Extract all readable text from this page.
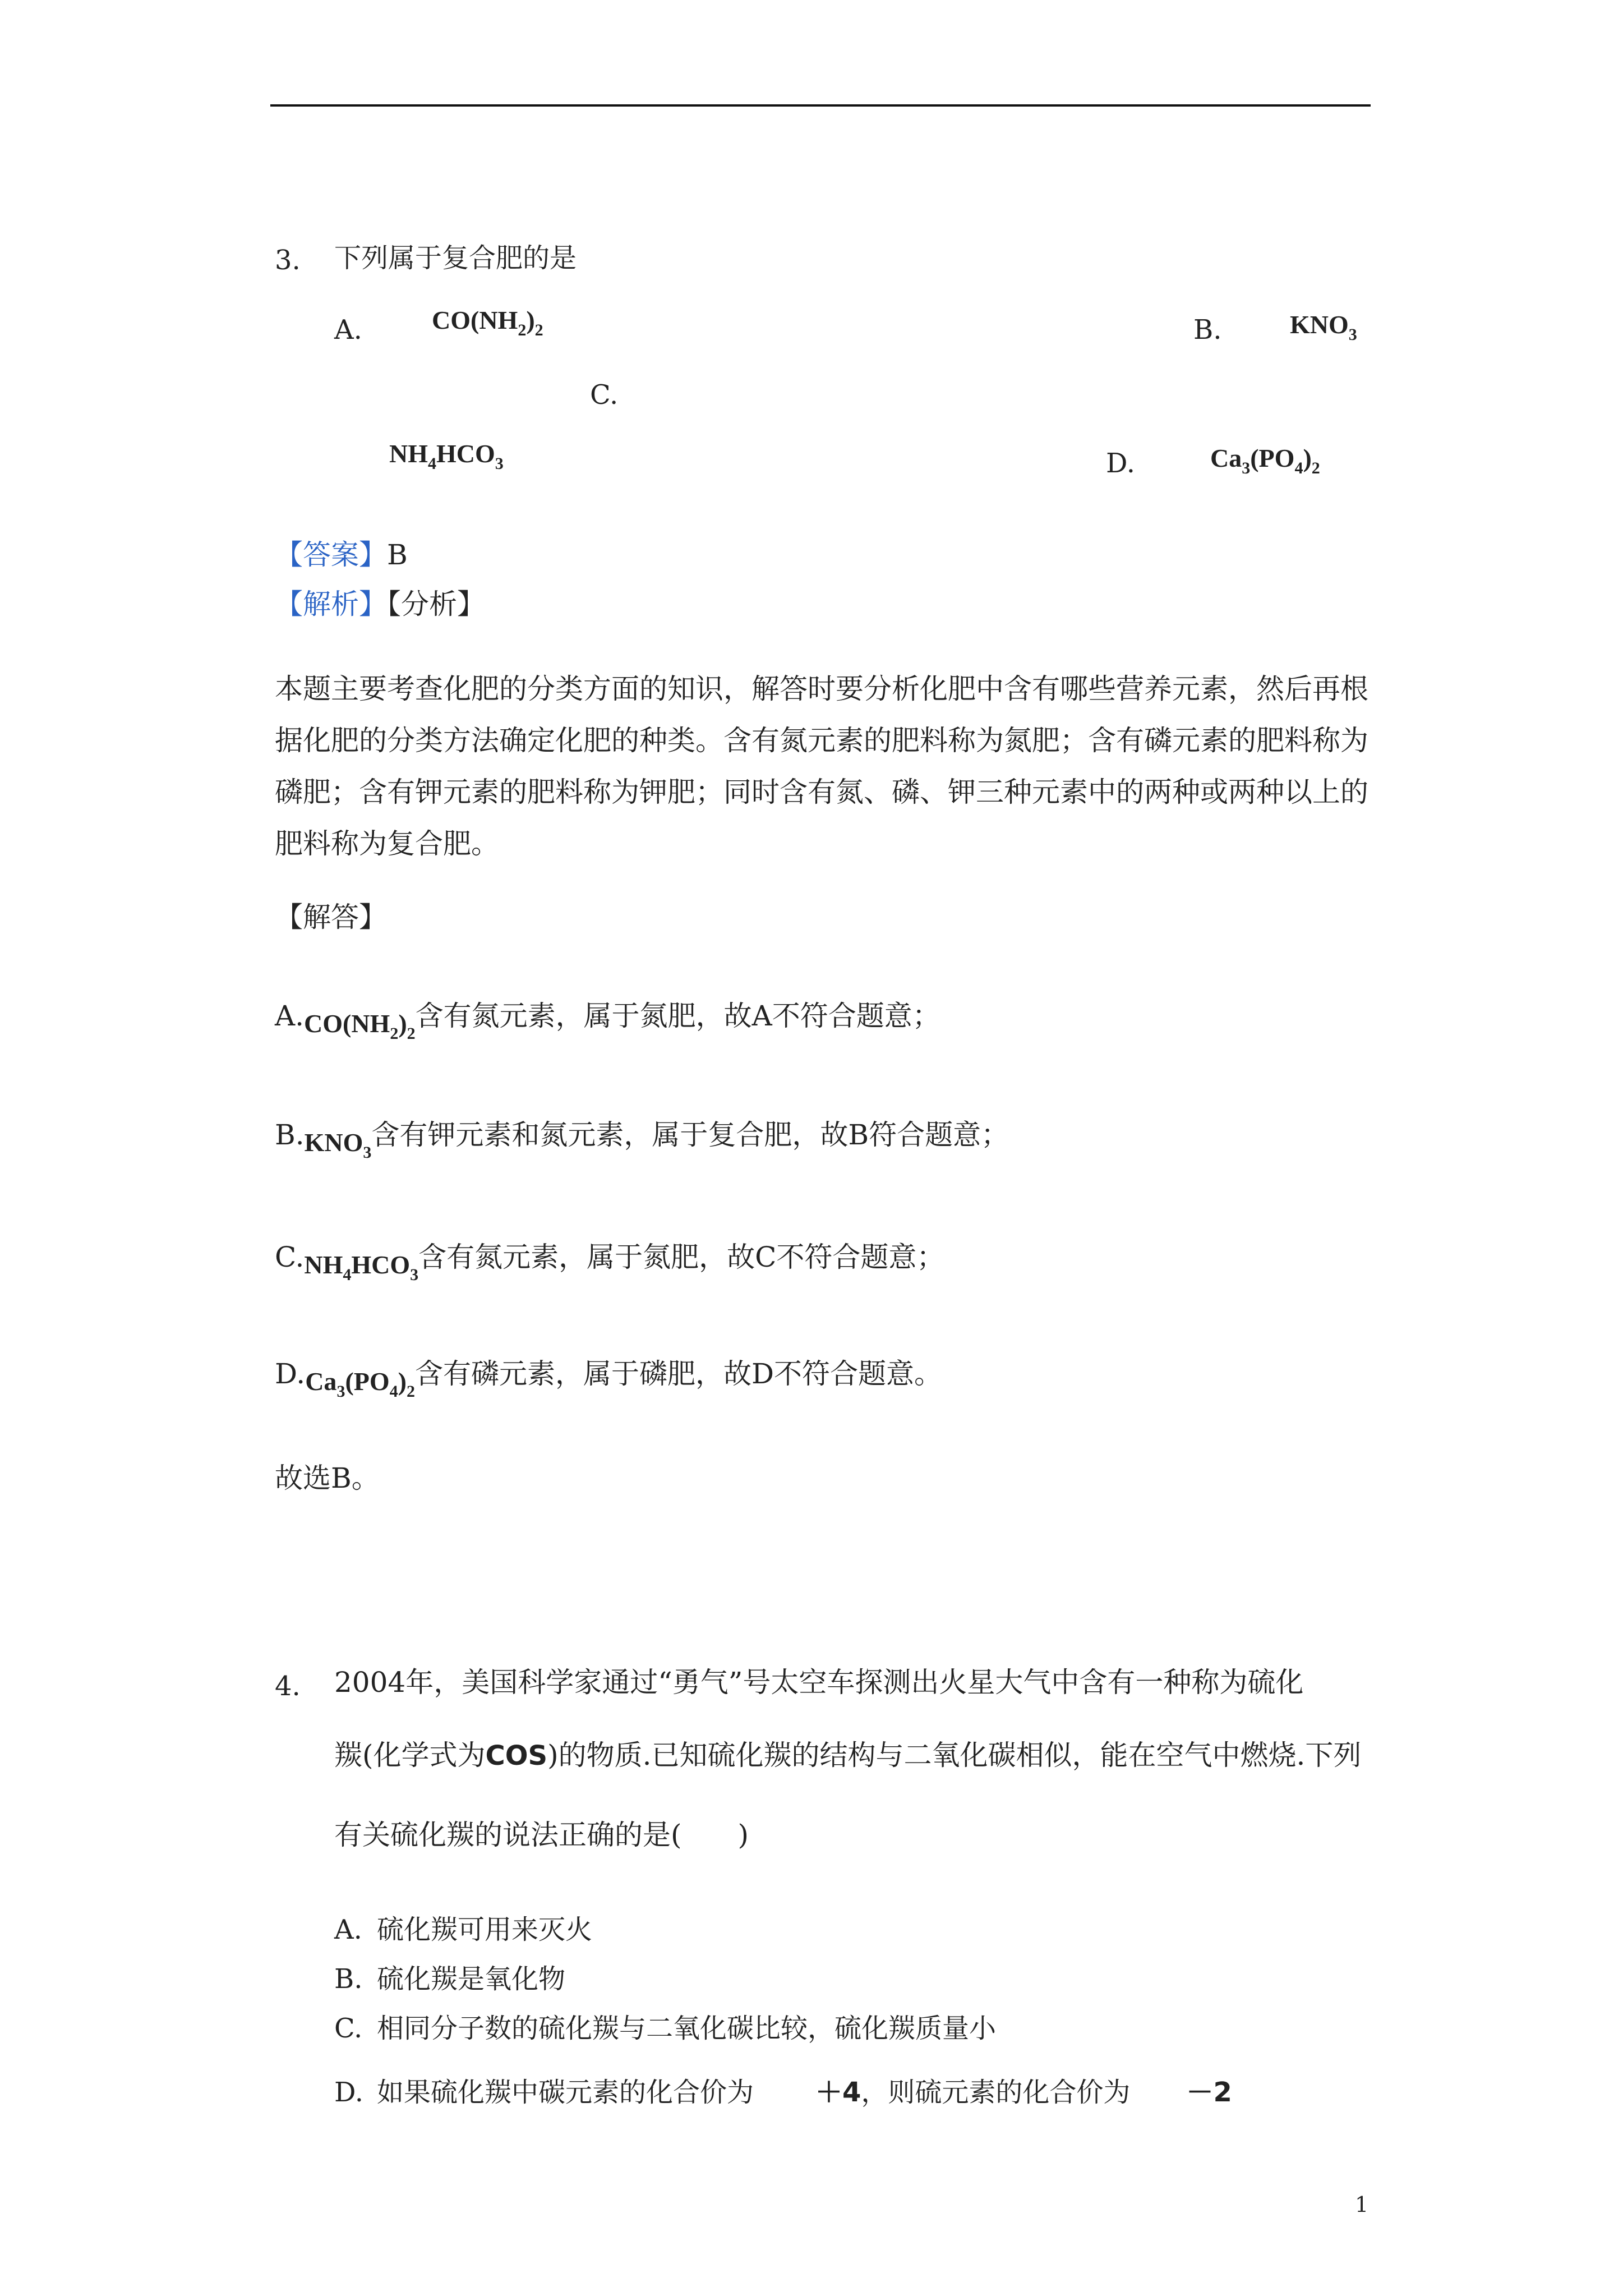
3. 下列属于复合肥的是
A.	$CO(NH_2)_2$	B.	$KNO_3$
C.
$NH_4HCO_3$	D.	$Ca_3(PO_4)_2$
【答案】B
【解析】【分析】
本题主要考查化肥的分类方面的知识，解答时要分析化肥中含有哪些营养元素，然后再根据化肥的分类方法确定化肥的种类。含有氮元素的肥料称为氮肥；含有磷元素的肥料称为磷肥；含有钾元素的肥料称为钾肥；同时含有氮、磷、钾三种元素中的两种或两种以上的肥料称为复合肥。
【解答】
$A.CO(NH_2)_2$含有氮元素，属于氮肥，故A不符合题意；
$B.KNO_3$含有钾元素和氮元素，属于复合肥，故B符合题意；
$C.NH_4HCO_3$含有氮元素，属于氮肥，故C不符合题意；
$D.Ca_3(PO_4)_2$含有磷元素，属于磷肥，故D不符合题意。
故选B。
4. 2004年，美国科学家通过“勇气”号太空车探测出火星大气中含有一种称为硫化
羰(化学式为COS)的物质.已知硫化羰的结构与二氧化碳相似，能在空气中燃烧.下列
有关硫化羰的说法正确的是(　　)
A. 硫化羰可用来灭火
B. 硫化羰是氧化物
C. 相同分子数的硫化羰与二氧化碳比较，硫化羰质量小
D. 如果硫化羰中碳元素的化合价为 ＋4，则硫元素的化合价为 －2
1
